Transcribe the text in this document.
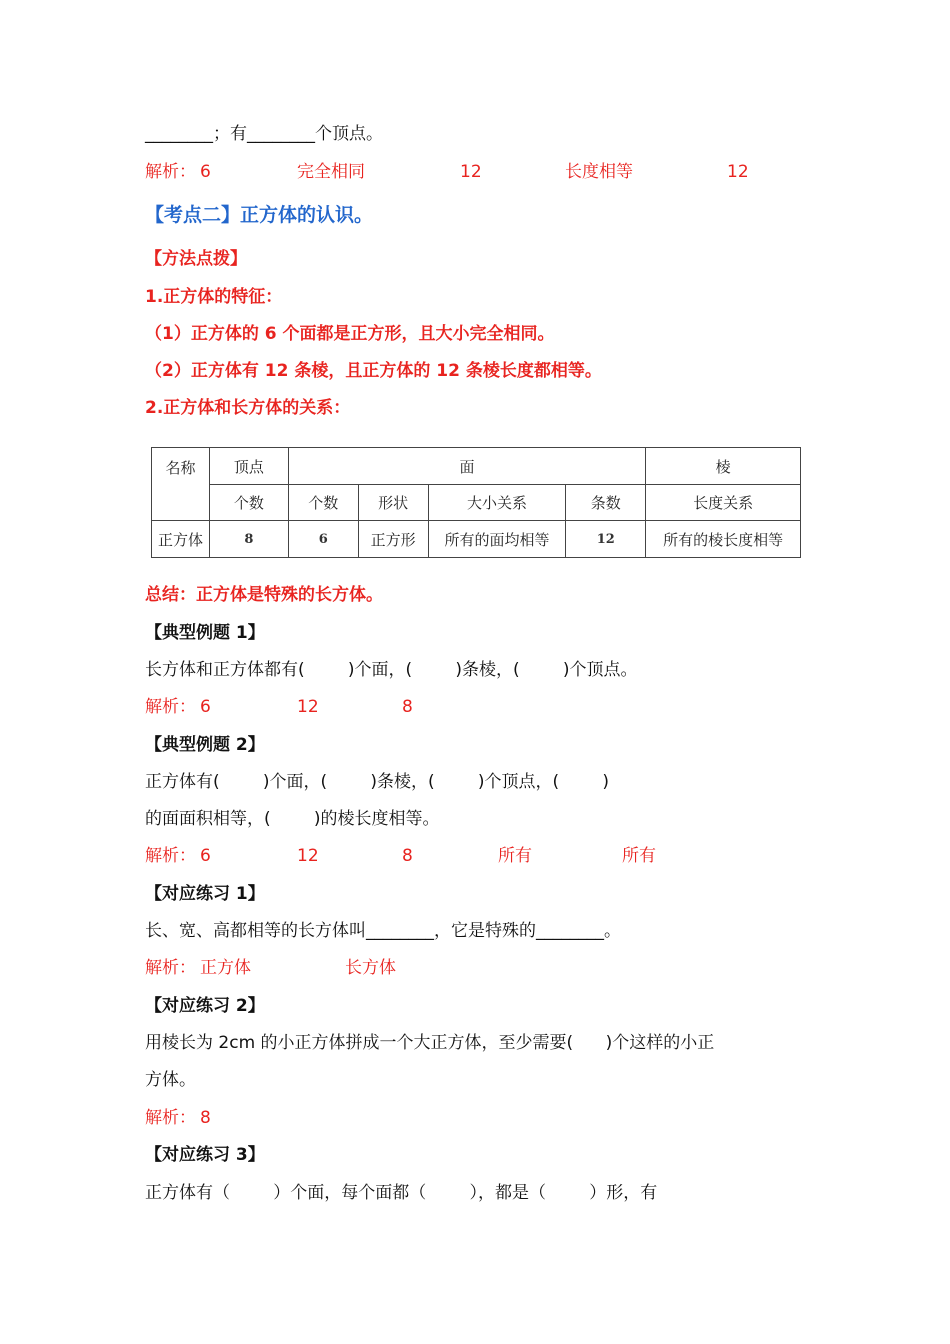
________；有________个顶点。

解析：

6

	完全相同

	12

	长度相等

	12

【考点二】正方体的认识。
【方法点拨】
1.正方体的特征：
（1）正方体的 6 个面都是正方形，且大小完全相同。
（2）正方体有 12 条棱，且正方体的 12 条棱长度都相等。
2.正方体和长方体的关系：
名称	顶点	面				棱
	个数	个数	形状	大小关系	条数	长度关系
正方体	8	6	正方形	所有的面均相等	12	所有的棱长度相等
总结：正方体是特殊的长方体。
【典型例题 1】
长方体和正方体都有(        )个面，(        )条棱，(        )个顶点。

解析：

6

	12

	8

【典型例题 2】
正方体有(        )个面，(        )条棱，(        )个顶点，(        )
的面面积相等，(        )的棱长度相等。

解析：

6

	12

	8

	所有

	所有

【对应练习 1】
长、宽、高都相等的长方体叫________，它是特殊的________。

解析：

正方体

	长方体

【对应练习 2】
用棱长为 2cm 的小正方体拼成一个大正方体，至少需要(      )个这样的小正
方体。

解析：

8

【对应练习 3】
正方体有（        ）个面，每个面都（        ），都是（        ）形，有
